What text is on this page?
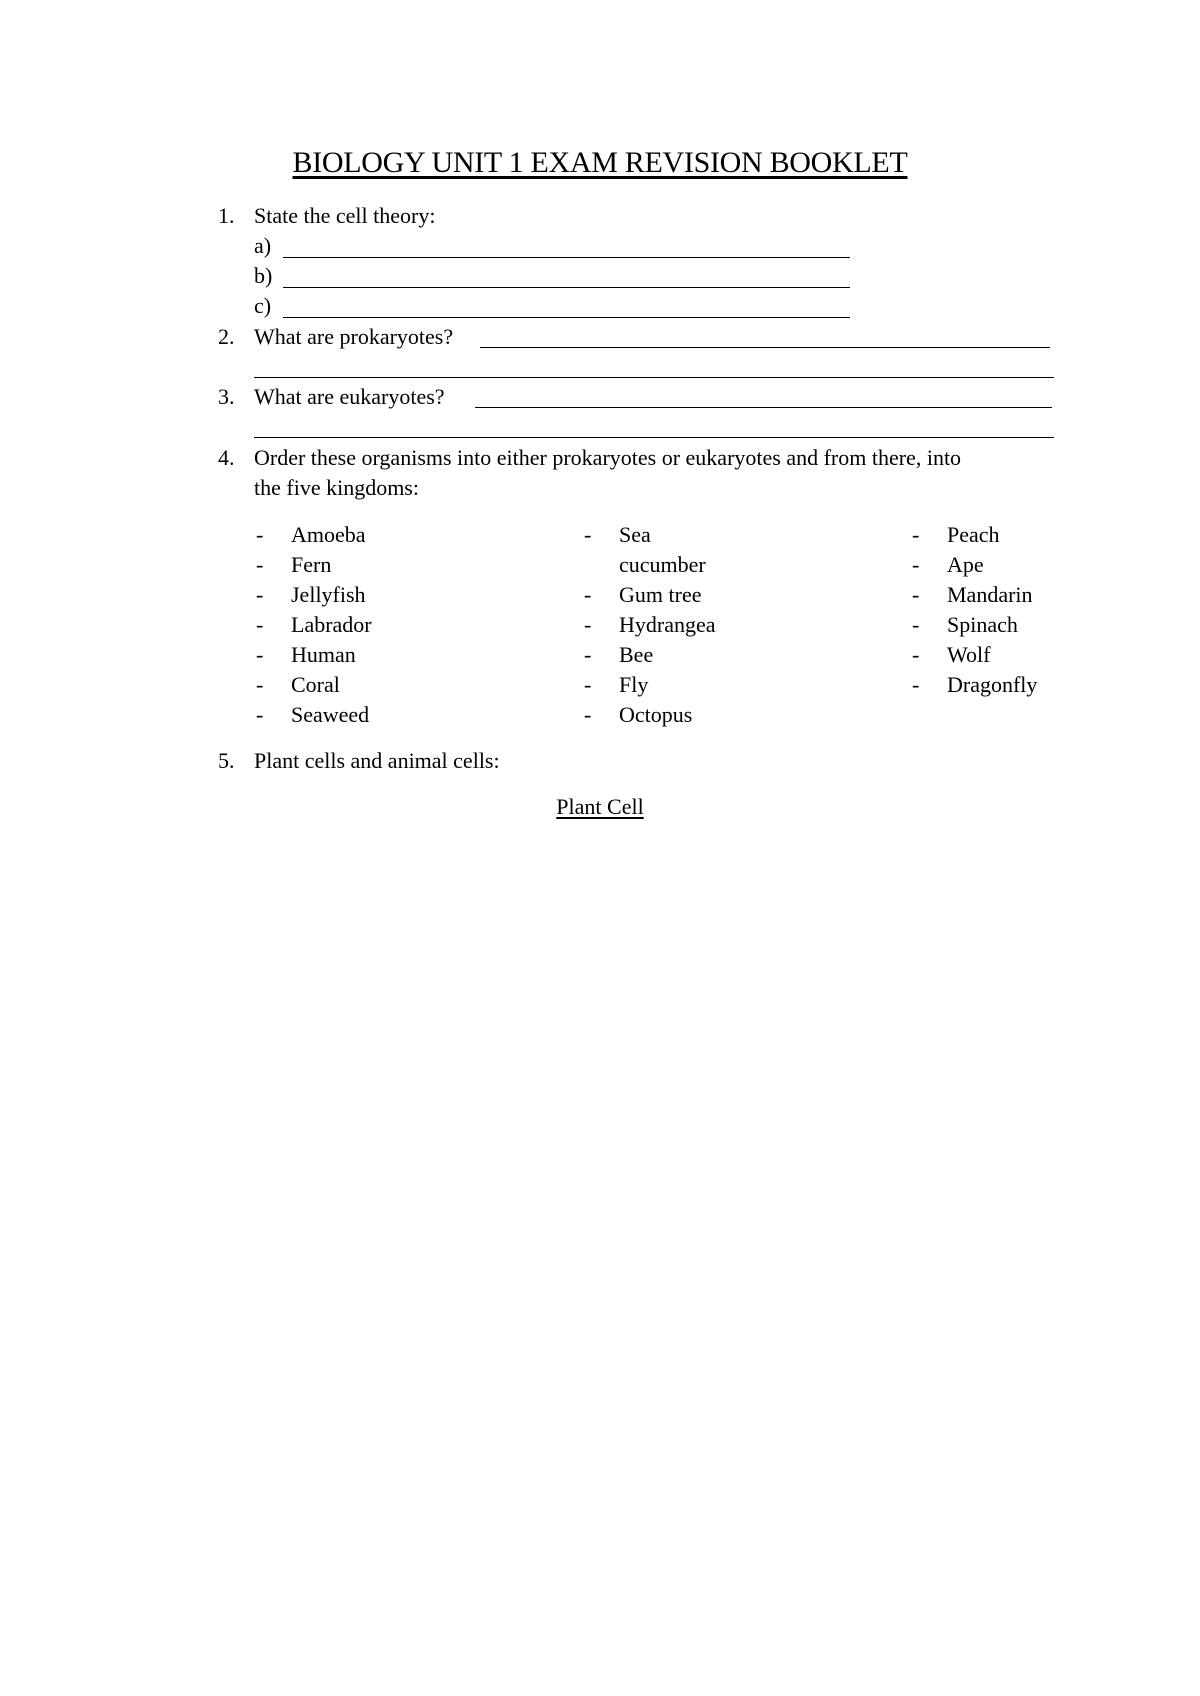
BIOLOGY UNIT 1 EXAM REVISION BOOKLET
1. State the cell theory:
a)
b)
c)
2. What are prokaryotes?
3. What are eukaryotes?
4. Order these organisms into either prokaryotes or eukaryotes and from there, into
the five kingdoms:
- Amoeba
- Fern
- Jellyfish
- Labrador
- Human
- Coral
- Seaweed
- Sea
cucumber
- Gum tree
- Hydrangea
- Bee
- Fly
- Octopus
- Peach
- Ape
- Mandarin
- Spinach
- Wolf
- Dragonfly
5. Plant cells and animal cells:
Plant Cell
